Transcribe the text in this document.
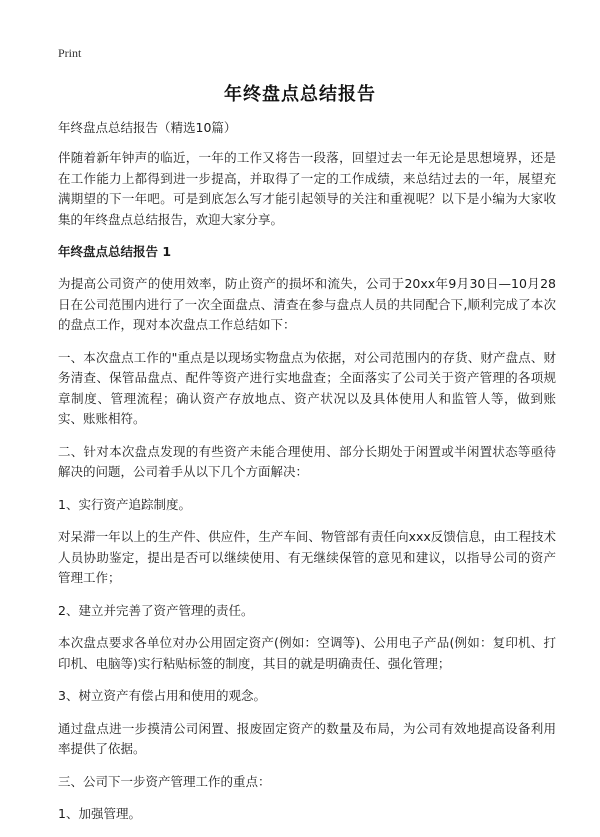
Print
年终盘点总结报告
年终盘点总结报告（精选10篇）

伴随着新年钟声的临近，一年的工作又将告一段落，回望过去一年无论是思想境界，还是在工作能力上都得到进一步提高，并取得了一定的工作成绩，来总结过去的一年，展望充满期望的下一年吧。可是到底怎么写才能引起领导的关注和重视呢？以下是小编为大家收集的年终盘点总结报告，欢迎大家分享。

年终盘点总结报告 1

为提高公司资产的使用效率，防止资产的损坏和流失，公司于20xx年9月30日—10月28日在公司范围内进行了一次全面盘点、清查在参与盘点人员的共同配合下,顺利完成了本次的盘点工作，现对本次盘点工作总结如下：

一、本次盘点工作的"重点是以现场实物盘点为依据，对公司范围内的存货、财产盘点、财务清查、保管品盘点、配件等资产进行实地盘查；全面落实了公司关于资产管理的各项规章制度、管理流程；确认资产存放地点、资产状况以及具体使用人和监管人等，做到账实、账账相符。

二、针对本次盘点发现的有些资产未能合理使用、部分长期处于闲置或半闲置状态等亟待解决的问题，公司着手从以下几个方面解决：

1、实行资产追踪制度。

对呆滞一年以上的生产件、供应件，生产车间、物管部有责任向xxx反馈信息，由工程技术人员协助鉴定，提出是否可以继续使用、有无继续保管的意见和建议，以指导公司的资产管理工作；

2、建立并完善了资产管理的责任。

本次盘点要求各单位对办公用固定资产(例如：空调等)、公用电子产品(例如：复印机、打印机、电脑等)实行粘贴标签的制度，其目的就是明确责任、强化管理；

3、树立资产有偿占用和使用的观念。

通过盘点进一步摸清公司闲置、报废固定资产的数量及布局，为公司有效地提高设备利用率提供了依据。

三、公司下一步资产管理工作的重点：

1、加强管理。
